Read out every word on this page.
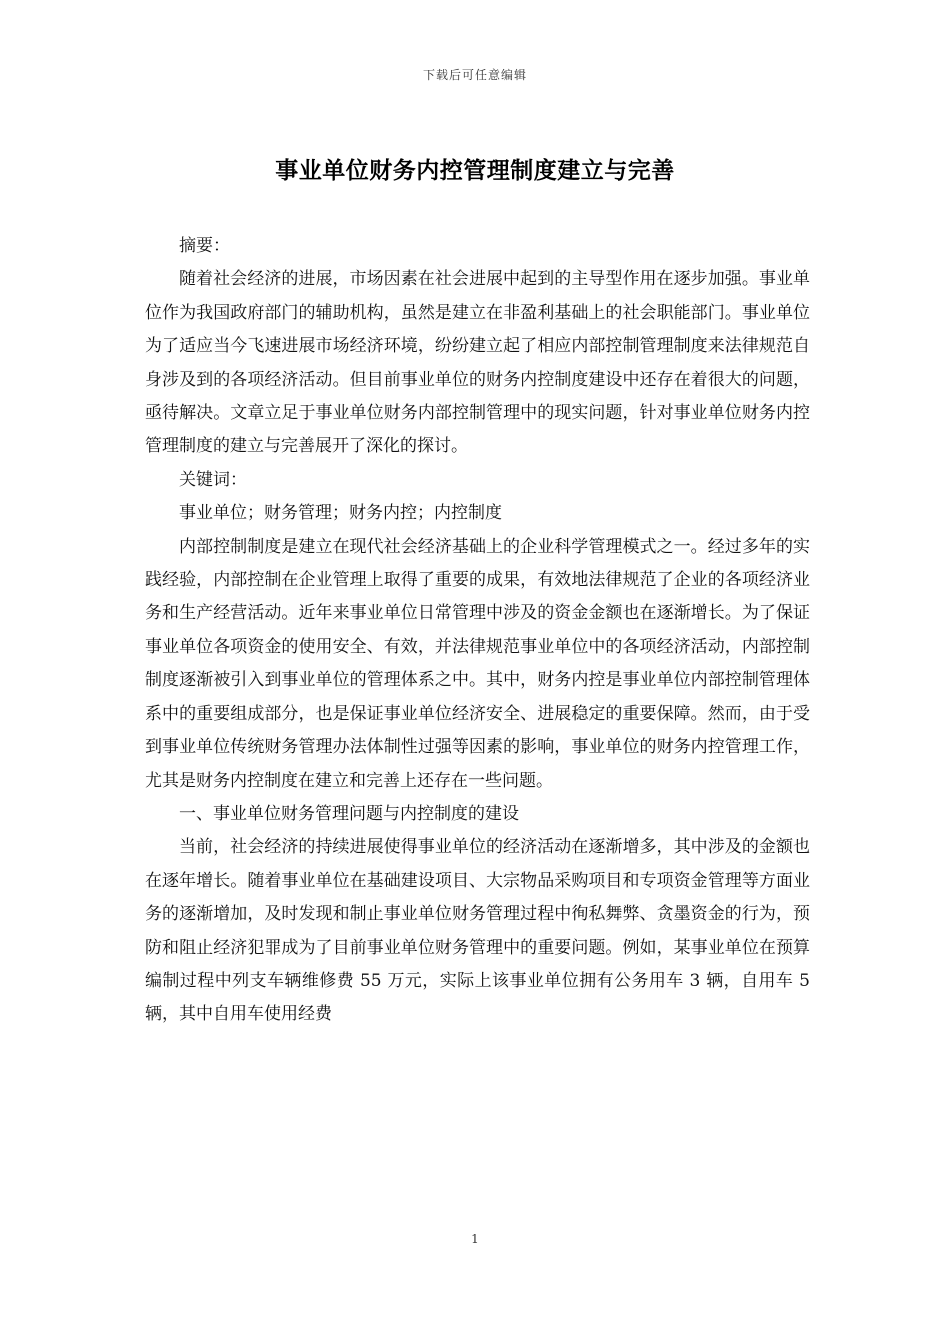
下载后可任意编辑
事业单位财务内控管理制度建立与完善

摘要：

随着社会经济的进展，市场因素在社会进展中起到的主导型作用在逐步加强。事业单位作为我国政府部门的辅助机构，虽然是建立在非盈利基础上的社会职能部门。事业单位为了适应当今飞速进展市场经济环境，纷纷建立起了相应内部控制管理制度来法律规范自身涉及到的各项经济活动。但目前事业单位的财务内控制度建设中还存在着很大的问题，亟待解决。文章立足于事业单位财务内部控制管理中的现实问题，针对事业单位财务内控管理制度的建立与完善展开了深化的探讨。

关键词：

事业单位；财务管理；财务内控；内控制度

内部控制制度是建立在现代社会经济基础上的企业科学管理模式之一。经过多年的实践经验，内部控制在企业管理上取得了重要的成果，有效地法律规范了企业的各项经济业务和生产经营活动。近年来事业单位日常管理中涉及的资金金额也在逐渐增长。为了保证事业单位各项资金的使用安全、有效，并法律规范事业单位中的各项经济活动，内部控制制度逐渐被引入到事业单位的管理体系之中。其中，财务内控是事业单位内部控制管理体系中的重要组成部分，也是保证事业单位经济安全、进展稳定的重要保障。然而，由于受到事业单位传统财务管理办法体制性过强等因素的影响，事业单位的财务内控管理工作，尤其是财务内控制度在建立和完善上还存在一些问题。

一、事业单位财务管理问题与内控制度的建设

当前，社会经济的持续进展使得事业单位的经济活动在逐渐增多，其中涉及的金额也在逐年增长。随着事业单位在基础建设项目、大宗物品采购项目和专项资金管理等方面业务的逐渐增加，及时发现和制止事业单位财务管理过程中徇私舞弊、贪墨资金的行为，预防和阻止经济犯罪成为了目前事业单位财务管理中的重要问题。例如，某事业单位在预算编制过程中列支车辆维修费 55 万元，实际上该事业单位拥有公务用车 3 辆，自用车 5 辆，其中自用车使用经费

1
